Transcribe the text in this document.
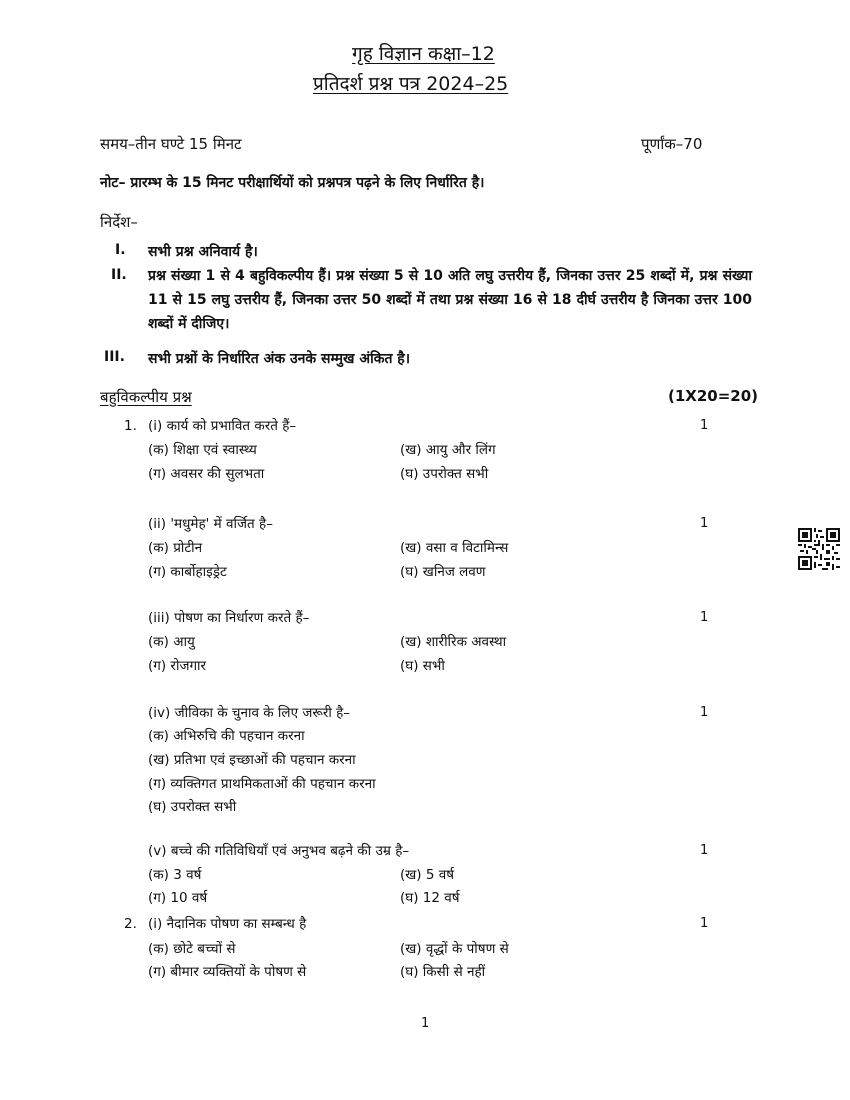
गृह विज्ञान कक्षा–12
प्रतिदर्श प्रश्न पत्र 2024–25
समय–तीन घण्टे 15 मिनट	पूर्णांक–70
नोट– प्रारम्भ के 15 मिनट परीक्षार्थियों को प्रश्नपत्र पढ़ने के लिए निर्धारित है।
निर्देश–
I. सभी प्रश्न अनिवार्य है।
II. प्रश्न संख्या 1 से 4 बहुविकल्पीय हैं। प्रश्न संख्या 5 से 10 अति लघु उत्तरीय हैं, जिनका उत्तर 25 शब्दों में, प्रश्न संख्या 11 से 15 लघु उत्तरीय हैं, जिनका उत्तर 50 शब्दों में तथा प्रश्न संख्या 16 से 18 दीर्घ उत्तरीय है जिनका उत्तर 100 शब्दों में दीजिए।
III. सभी प्रश्नों के निर्धारित अंक उनके सम्मुख अंकित है।
बहुविकल्पीय प्रश्न	(1X20=20)
1. (i) कार्य को प्रभावित करते हैं–	1
(क) शिक्षा एवं स्वास्थ्य	(ख) आयु और लिंग
(ग) अवसर की सुलभता	(घ) उपरोक्त सभी
(ii) 'मधुमेह' में वर्जित है–	1
(क) प्रोटीन	(ख) वसा व विटामिन्स
(ग) कार्बोहाइड्रेट	(घ) खनिज लवण
(iii) पोषण का निर्धारण करते हैं–	1
(क) आयु	(ख) शारीरिक अवस्था
(ग) रोजगार	(घ) सभी
(iv) जीविका के चुनाव के लिए जरूरी है–	1
(क) अभिरुचि की पहचान करना
(ख) प्रतिभा एवं इच्छाओं की पहचान करना
(ग) व्यक्तिगत प्राथमिकताओं की पहचान करना
(घ) उपरोक्त सभी
(v) बच्चे की गतिविधियाँ एवं अनुभव बढ़ने की उम्र है–	1
(क) 3 वर्ष	(ख) 5 वर्ष
(ग) 10 वर्ष	(घ) 12 वर्ष
2. (i) नैदानिक पोषण का सम्बन्ध है	1
(क) छोटे बच्चों से	(ख) वृद्धों के पोषण से
(ग) बीमार व्यक्तियों के पोषण से	(घ) किसी से नहीं
1
